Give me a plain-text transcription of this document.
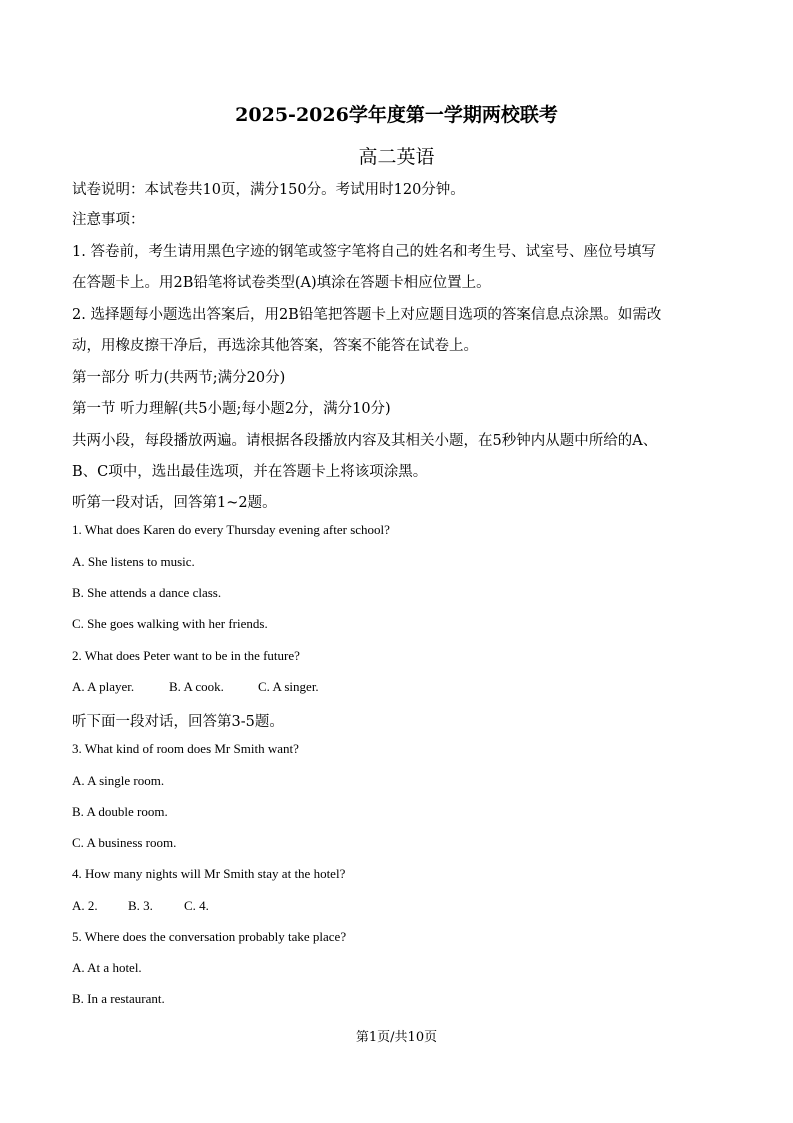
2025-2026学年度第一学期两校联考
高二英语
试卷说明：本试卷共10页，满分150分。考试用时120分钟。
注意事项：
1. 答卷前，考生请用黑色字迹的钢笔或签字笔将自己的姓名和考生号、试室号、座位号填写
在答题卡上。用2B铅笔将试卷类型(A)填涂在答题卡相应位置上。
2. 选择题每小题选出答案后，用2B铅笔把答题卡上对应题目选项的答案信息点涂黑。如需改
动，用橡皮擦干净后，再选涂其他答案，答案不能答在试卷上。
第一部分 听力(共两节;满分20分)
第一节 听力理解(共5小题;每小题2分，满分10分)
共两小段，每段播放两遍。请根据各段播放内容及其相关小题，在5秒钟内从题中所给的A、
B、C项中，选出最佳选项，并在答题卡上将该项涂黑。
听第一段对话，回答第1~2题。
1. What does Karen do every Thursday evening after school?
A. She listens to music.
B. She attends a dance class.
C. She goes walking with her friends.
2. What does Peter want to be in the future?
A. A player.	B. A cook.	C. A singer.
听下面一段对话，回答第3-5题。
3. What kind of room does Mr Smith want?
A. A single room.
B. A double room.
C. A business room.
4. How many nights will Mr Smith stay at the hotel?
A. 2.	B. 3.	C. 4.
5. Where does the conversation probably take place?
A. At a hotel.
B. In a restaurant.
第1页/共10页
